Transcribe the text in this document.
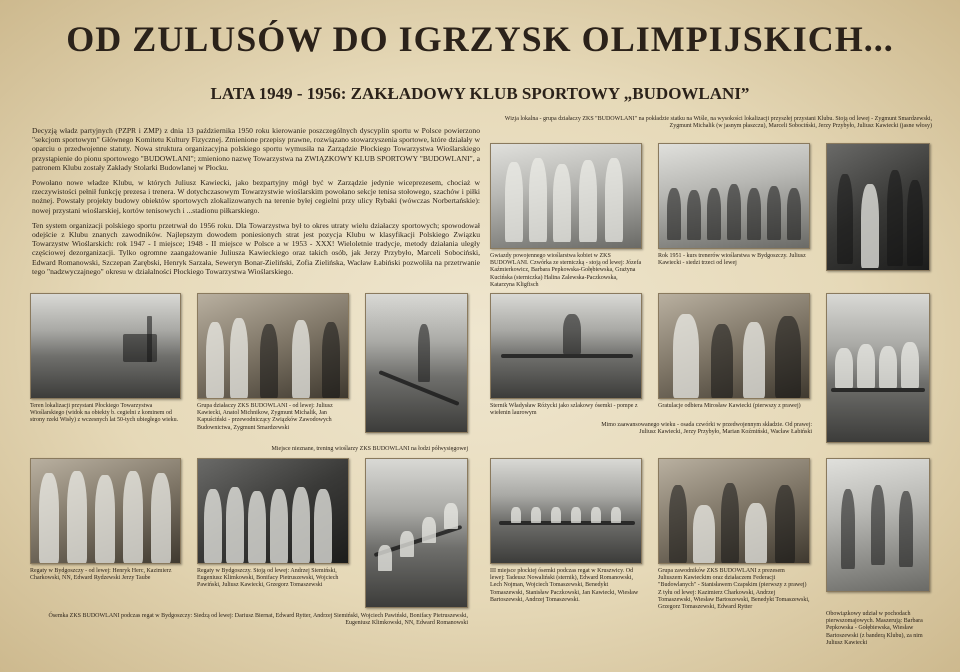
OD ZULUSÓW DO IGRZYSK OLIMPIJSKICH...
LATA 1949 - 1956: ZAKŁADOWY KLUB SPORTOWY „BUDOWLANI”

Decyzją władz partyjnych (PZPR i ZMP) z dnia 13 października 1950 roku kierowanie poszczególnych dyscyplin sportu w Polsce powierzono "sekcjom sportowym" Głównego Komitetu Kultury Fizycznej. Zmienione przepisy prawne, rozwiązano stowarzyszenia sportowe, które działały w oparciu o przedwojenne statuty. Nowa struktura organizacyjna polskiego sportu wymusiła na Zarządzie Płockiego Towarzystwa Wioślarskiego przystąpienie do pionu sportowego "BUDOWLANI"; zmieniono nazwę Towarzystwa na ZWIĄZKOWY KLUB SPORTOWY "BUDOWLANI", a patronem Klubu zostały Zakłady Stolarki Budowlanej w Płocku.

Powołano nowe władze Klubu, w których Juliusz Kawiecki, jako bezpartyjny mógł być w Zarządzie jedynie wiceprezesem, chociaż w rzeczywistości pełnił funkcję prezesa i trenera. W dotychczasowym Towarzystwie wioślarskim powołano sekcje tenisa stołowego, szachów i piłki nożnej. Powstały projekty budowy obiektów sportowych zlokalizowanych na terenie byłej cegielni przy ulicy Rybaki (wówczas Norbertańskie): nowej przystani wioślarskiej, kortów tenisowych i ...stadionu piłkarskiego.

Ten system organizacji polskiego sportu przetrwał do 1956 roku. Dla Towarzystwa był to okres utraty wielu działaczy sportowych; spowodował odejście z Klubu znanych zawodników. Najlepszym dowodem poniesionych strat jest pozycja Klubu w klasyfikacji Polskiego Związku Towarzystw Wioślarskich: rok 1947 - I miejsce; 1948 - II miejsce w Polsce a w 1953 - XXX! Wieloletnie tradycje, metody działania uległy częściowej dezorganizacji. Tylko ogromne zaangażowanie Juliusza Kawieckiego oraz takich osób, jak Jerzy Przybyło, Marceli Sobociński, Edward Romanowski, Szczepan Zarębski, Henryk Sarzała, Seweryn Bonar-Zieliński, Zofia Zielińska, Wacław Łabiński pozwoliła na przetrwanie tego "nadzwyczajnego" okresu w działalności Płockiego Towarzystwa Wioślarskiego.

Wizja lokalna - grupa działaczy ZKS "BUDOWLANI" na pokładzie statku na Wiśle, na wysokości lokalizacji przyszłej przystani Klubu. Stoją od lewej - Zygmunt Smardzewski, Zygmunt Michalik (w jasnym płaszczu), Marceli Sobociński, Jerzy Przybyło, Juliusz Kawiecki (jasne włosy)
Gwiazdy powojennego wioślarstwa kobiet w ZKS BUDOWLANI. Czwórka ze sterniczką - stoją od lewej: Józefa Kaźmierkowicz, Barbara Pepkowska-Gołębiewska, Grażyna Kucińska (sterniczka) Halina Zalewska-Paczkowska, Katarzyna Kligfisch
Rok 1951 - kurs trenerów wioślarstwa w Bydgoszczy. Juliusz Kawiecki - siedzi trzeci od lewej
Teren lokalizacji przystani Płockiego Towarzystwa Wioślarskiego (widok na obiekty b. cegielni z kominem od strony rzeki Wisły) z wczesnych lat 50-tych ubiegłego wieku.
Grupa działaczy ZKS BUDOWLANI - od lewej: Juliusz Kawiecki, Anatol Michnikow, Zygmunt Michalik, Jan Kapuściński - przewodniczący Związków Zawodowych Budownictwa, Zygmunt Smardzewski
Miejsce nieznane, trening wioślarzy ZKS BUDOWLANI na łodzi półwysięgowej
Sternik Władysław Różycki jako szlakowy ósemki - pompe z wiełenin laurowym
Gratulacje odbiera Mirosław Kawiecki (pierwszy z prawej)
Mimo zaawansowanego wieku - osada czwórki w przedwojennym składzie. Od prawej: Juliusz Kawiecki, Jerzy Przybyło, Marian Koźmiński, Wacław Łabiński
Regaty w Bydgoszczy - od lewej: Henryk Herc, Kazimierz Charkowski, NN, Edward Rydzewski Jerzy Taube
Regaty w Bydgoszczy. Stoją od lewej: Andrzej Siemiński, Eugeniusz Klimkowski, Bonifacy Pietruszewski, Wojciech Pawiński, Juliusz Kawiecki, Grzegorz Tomaszewski
Ósemka ZKS BUDOWLANI podczas regat w Bydgoszczy: Siedzą od lewej: Dariusz Biernat, Edward Rytter, Andrzej Siemiński, Wojciech Pawiński, Bonifacy Pietruszewski, Eugeniusz Klimkowski, NN, Edward Romanowski
III miejsce płockiej ósemki podczas regat w Kruszwicy. Od lewej: Tadeusz Nowaliński (sternik), Edward Romanowski, Lech Nojman, Wojciech Tomaszewski, Benedykt Tomaszewski, Stanisław Paczkowski, Jan Kawiecki, Wiesław Bartoszewski, Andrzej Tomaszewski.
Grupa zawodników ZKS BUDOWLANI z prezesem Juliuszem Kawieckim oraz działaczem Federacji "Budowlanych" - Stanisławem Czapskim (pierwszy z prawej) Z tyłu od lewej: Kazimierz Charkowski, Andrzej Tomaszewski, Wiesław Bartoszewski, Benedykt Tomaszewski, Grzegorz Tomaszewski, Edward Rytter
Obowiązkowy udział w pochodach pierwszomajowych. Maszerują: Barbara Pepkowska - Gołębiewska, Wiesław Bartoszewski (z banderą Klubu), za nim Juliusz Kawiecki
